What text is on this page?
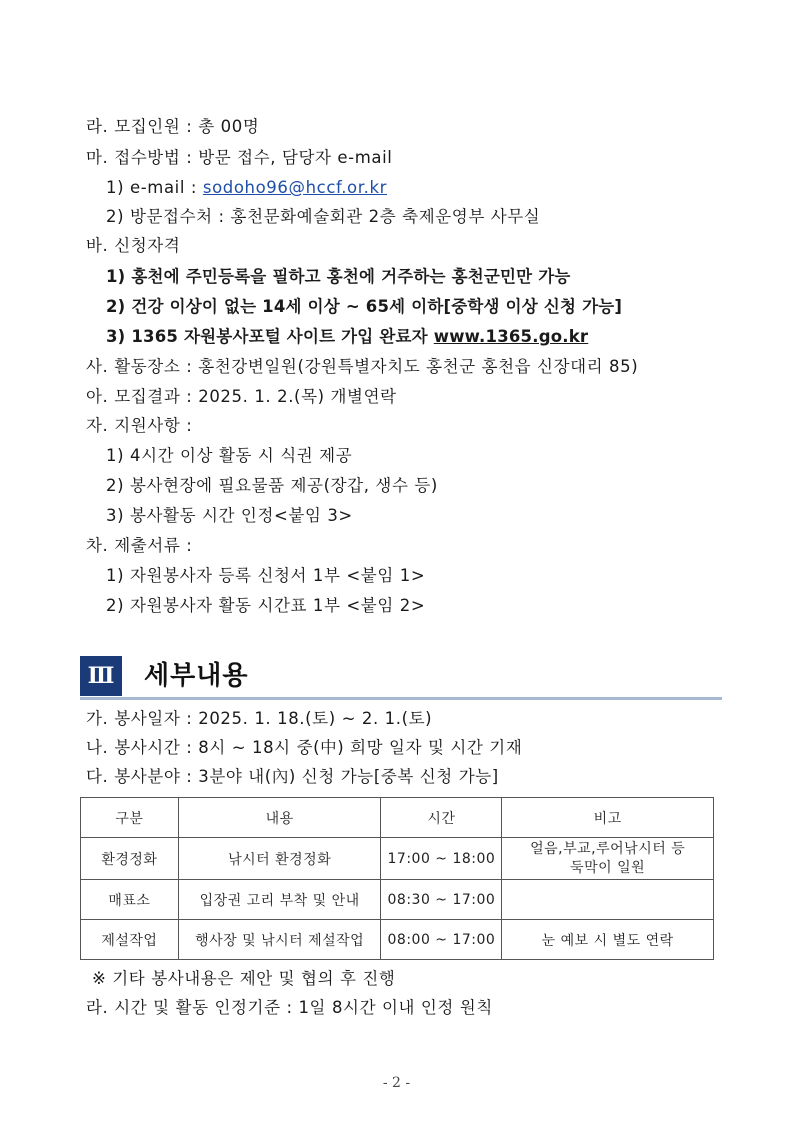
라. 모집인원 : 총 00명
마. 접수방법 : 방문 접수, 담당자 e-mail
1) e-mail : sodoho96@hccf.or.kr
2) 방문접수처 : 홍천문화예술회관 2층 축제운영부 사무실
바. 신청자격
1) 홍천에 주민등록을 필하고 홍천에 거주하는 홍천군민만 가능
2) 건강 이상이 없는 14세 이상 ~ 65세 이하[중학생 이상 신청 가능]
3) 1365 자원봉사포털 사이트 가입 완료자 www.1365.go.kr
사. 활동장소 : 홍천강변일원(강원특별자치도 홍천군 홍천읍 신장대리 85)
아. 모집결과 : 2025. 1. 2.(목) 개별연락
자. 지원사항 :
1) 4시간 이상 활동 시 식권 제공
2) 봉사현장에 필요물품 제공(장갑, 생수 등)
3) 봉사활동 시간 인정<붙임 3>
차. 제출서류 :
1) 자원봉사자 등록 신청서 1부 <붙임 1>
2) 자원봉사자 활동 시간표 1부 <붙임 2>
Ⅲ 세부내용
가. 봉사일자 : 2025. 1. 18.(토) ~ 2. 1.(토)
나. 봉사시간 : 8시 ~ 18시 중(中) 희망 일자 및 시간 기재
다. 봉사분야 : 3분야 내(內) 신청 가능[중복 신청 가능]
구분	내용	시간	비고
환경정화	낚시터 환경정화	17:00 ~ 18:00	얼음,부교,루어낚시터 등
둑막이 일원
매표소	입장권 고리 부착 및 안내	08:30 ~ 17:00	
제설작업	행사장 및 낚시터 제설작업	08:00 ~ 17:00	눈 예보 시 별도 연락
※ 기타 봉사내용은 제안 및 협의 후 진행
라. 시간 및 활동 인정기준 : 1일 8시간 이내 인정 원칙
- 2 -
